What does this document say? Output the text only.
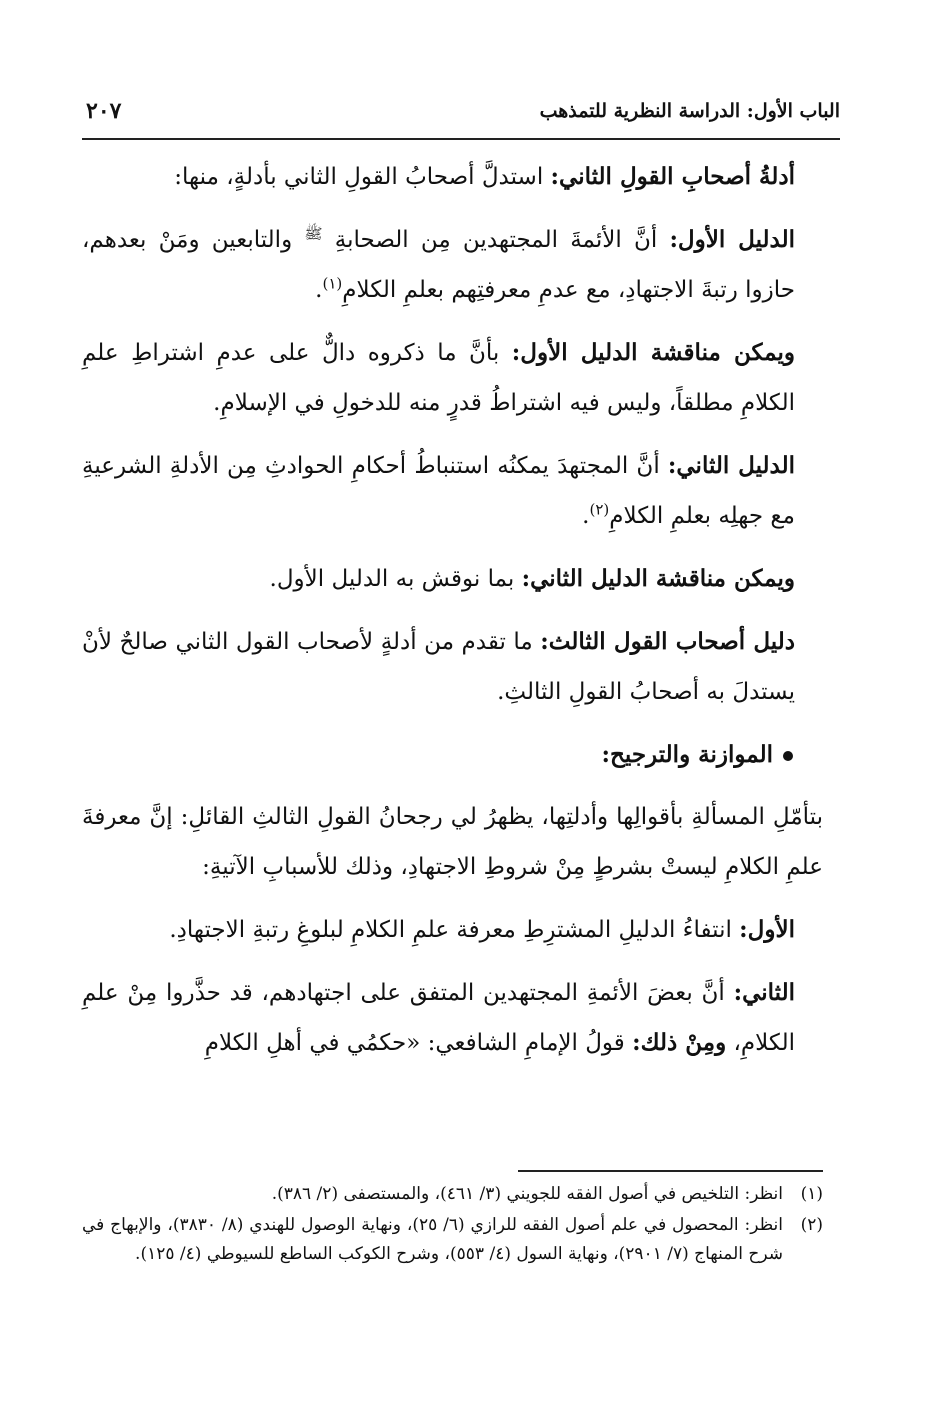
الباب الأول: الدراسة النظرية للتمذهب
٢٠٧

أدلةُ أصحابِ القولِ الثاني: استدلَّ أصحابُ القولِ الثاني بأدلةٍ، منها:

الدليل الأول: أنَّ الأئمةَ المجتهدين مِن الصحابةِ $^ﷺ$ والتابعين ومَنْ بعدهم، حازوا رتبةَ الاجتهادِ، مع عدمِ معرفتِهم بعلمِ الكلامِ$^{(١)}$.

ويمكن مناقشة الدليل الأول: بأنَّ ما ذكروه دالٌّ على عدمِ اشتراطِ علمِ الكلامِ مطلقاً، وليس فيه اشتراطُ قدرٍ منه للدخولِ في الإسلامِ.

الدليل الثاني: أنَّ المجتهدَ يمكنُه استنباطُ أحكامِ الحوادثِ مِن الأدلةِ الشرعيةِ مع جهلِه بعلمِ الكلامِ$^{(٢)}$.

ويمكن مناقشة الدليل الثاني: بما نوقش به الدليل الأول.

دليل أصحاب القول الثالث: ما تقدم من أدلةٍ لأصحاب القول الثاني صالحٌ لأنْ يستدلَ به أصحابُ القولِ الثالثِ.

الموازنة والترجيح:

بتأمّلِ المسألةِ بأقوالِها وأدلتِها، يظهرُ لي رجحانُ القولِ الثالثِ القائلِ: إنَّ معرفةَ علمِ الكلامِ ليستْ بشرطٍ مِنْ شروطِ الاجتهادِ، وذلك للأسبابِ الآتيةِ:

الأول: انتفاءُ الدليلِ المشترِطِ معرفة علمِ الكلامِ لبلوغِ رتبةِ الاجتهادِ.

الثاني: أنَّ بعضَ الأئمةِ المجتهدين المتفق على اجتهادهم، قد حذَّروا مِنْ علمِ الكلامِ، ومِنْ ذلك: قولُ الإمامِ الشافعي: «حكمُي في أهلِ الكلامِ

(١)
انظر: التلخيص في أصول الفقه للجويني (٣/ ٤٦١)، والمستصفى (٢/ ٣٨٦).
(٢)
انظر: المحصول في علم أصول الفقه للرازي (٦/ ٢٥)، ونهاية الوصول للهندي (٨/ ٣٨٣٠)، والإبهاج في شرح المنهاج (٧/ ٢٩٠١)، ونهاية السول (٤/ ٥٥٣)، وشرح الكوكب الساطع للسيوطي (٤/ ١٢٥).
